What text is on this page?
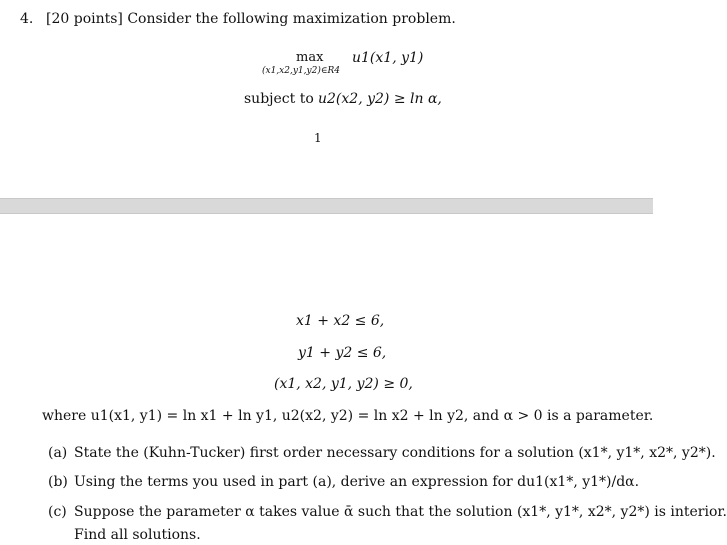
4. [20 points] Consider the following maximization problem.
max
(x1,x2,y1,y2)∈R4
u1(x1, y1)
subject to u2(x2, y2) ≥ ln α,
1
x1 + x2 ≤ 6,
y1 + y2 ≤ 6,
(x1, x2, y1, y2) ≥ 0,
where u1(x1, y1) = ln x1 + ln y1, u2(x2, y2) = ln x2 + ln y2, and α > 0 is a parameter.
(a) State the (Kuhn-Tucker) first order necessary conditions for a solution (x1*, y1*, x2*, y2*).
(b) Using the terms you used in part (a), derive an expression for du1(x1*, y1*)/dα.
(c) Suppose the parameter α takes value ᾱ such that the solution (x1*, y1*, x2*, y2*) is interior.
Find all solutions.
